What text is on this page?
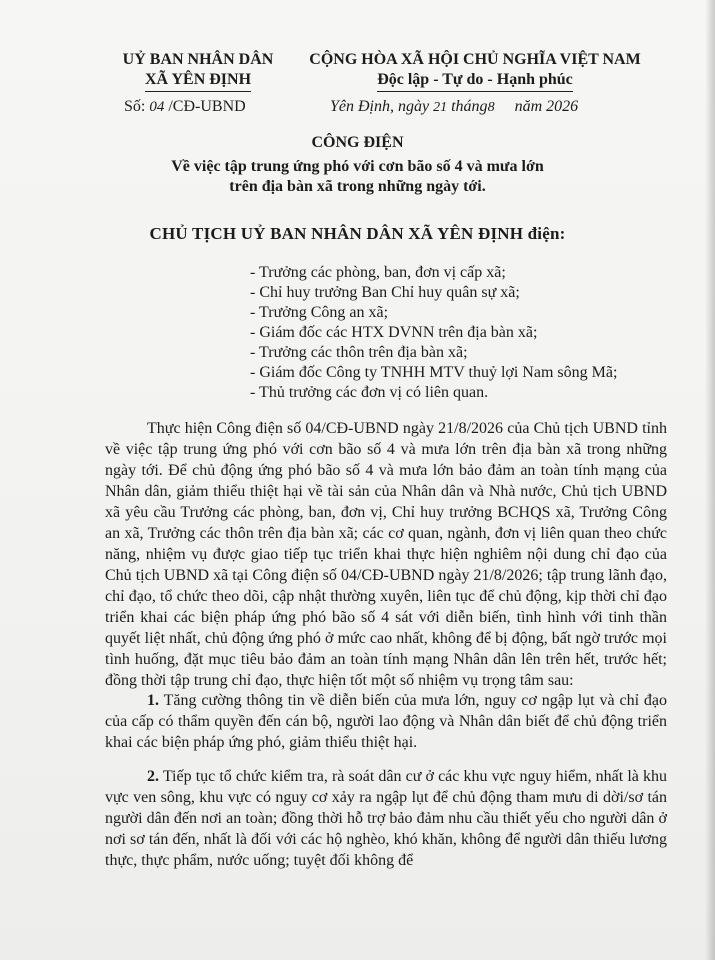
UỶ BAN NHÂN DÂN
XÃ YÊN ĐỊNH
CỘNG HÒA XÃ HỘI CHỦ NGHĨA VIỆT NAM
Độc lập - Tự do - Hạnh phúc
Số: 04 /CĐ-UBND	Yên Định, ngày 21 tháng8 năm 2026
CÔNG ĐIỆN
Về việc tập trung ứng phó với cơn bão số 4 và mưa lớn
trên địa bàn xã trong những ngày tới.
CHỦ TỊCH UỶ BAN NHÂN DÂN XÃ YÊN ĐỊNH điện:
- Trưởng các phòng, ban, đơn vị cấp xã;
- Chỉ huy trưởng Ban Chỉ huy quân sự xã;
- Trưởng Công an xã;
- Giám đốc các HTX DVNN trên địa bàn xã;
- Trưởng các thôn trên địa bàn xã;
- Giám đốc Công ty TNHH MTV thuỷ lợi Nam sông Mã;
- Thủ trưởng các đơn vị có liên quan.
Thực hiện Công điện số 04/CĐ-UBND ngày 21/8/2026 của Chủ tịch UBND tỉnh về việc tập trung ứng phó với cơn bão số 4 và mưa lớn trên địa bàn xã trong những ngày tới. Để chủ động ứng phó bão số 4 và mưa lớn bảo đảm an toàn tính mạng của Nhân dân, giảm thiểu thiệt hại về tài sản của Nhân dân và Nhà nước, Chủ tịch UBND xã yêu cầu Trưởng các phòng, ban, đơn vị, Chỉ huy trưởng BCHQS xã, Trưởng Công an xã, Trưởng các thôn trên địa bàn xã; các cơ quan, ngành, đơn vị liên quan theo chức năng, nhiệm vụ được giao tiếp tục triển khai thực hiện nghiêm nội dung chỉ đạo của Chủ tịch UBND xã tại Công điện số 04/CĐ-UBND ngày 21/8/2026; tập trung lãnh đạo, chỉ đạo, tổ chức theo dõi, cập nhật thường xuyên, liên tục để chủ động, kịp thời chỉ đạo triển khai các biện pháp ứng phó bão số 4 sát với diễn biến, tình hình với tinh thần quyết liệt nhất, chủ động ứng phó ở mức cao nhất, không để bị động, bất ngờ trước mọi tình huống, đặt mục tiêu bảo đảm an toàn tính mạng Nhân dân lên trên hết, trước hết; đồng thời tập trung chỉ đạo, thực hiện tốt một số nhiệm vụ trọng tâm sau:
1. Tăng cường thông tin về diễn biến của mưa lớn, nguy cơ ngập lụt và chỉ đạo của cấp có thẩm quyền đến cán bộ, người lao động và Nhân dân biết để chủ động triển khai các biện pháp ứng phó, giảm thiểu thiệt hại.
2. Tiếp tục tổ chức kiểm tra, rà soát dân cư ở các khu vực nguy hiểm, nhất là khu vực ven sông, khu vực có nguy cơ xảy ra ngập lụt để chủ động tham mưu di dời/sơ tán người dân đến nơi an toàn; đồng thời hỗ trợ bảo đảm nhu cầu thiết yếu cho người dân ở nơi sơ tán đến, nhất là đối với các hộ nghèo, khó khăn, không để người dân thiếu lương thực, thực phẩm, nước uống; tuyệt đối không để
